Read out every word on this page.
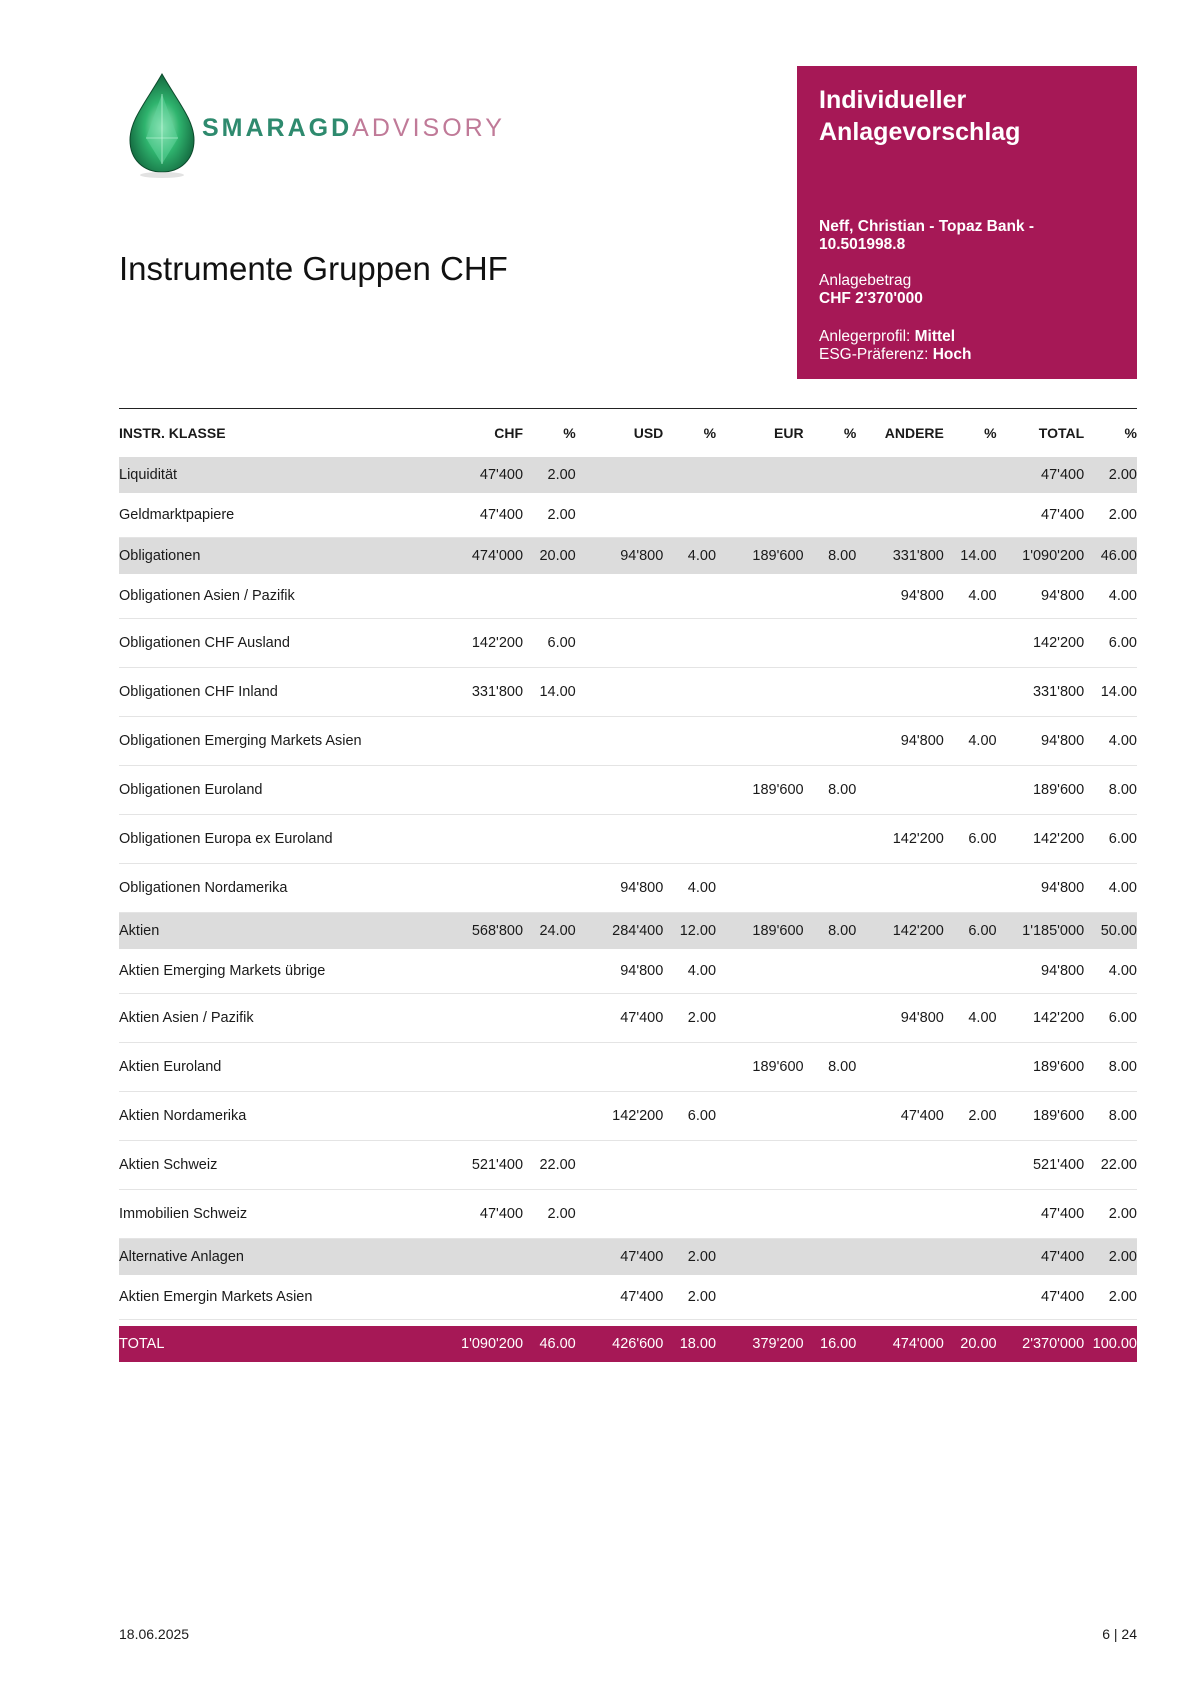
SMARAGDADVISORY
Individueller
Anlagevorschlag
Neff, Christian - Topaz Bank -
10.501998.8
Anlagebetrag
CHF 2'370'000
Anlegerprofil: Mittel
ESG-Präferenz: Hoch
Instrumente Gruppen CHF
INSTR. KLASSE	CHF	%	USD	%	EUR	%	ANDERE	%	TOTAL	%
Liquidität	47'400	2.00							47'400	2.00
Geldmarktpapiere	47'400	2.00							47'400	2.00
Obligationen	474'000	20.00	94'800	4.00	189'600	8.00	331'800	14.00	1'090'200	46.00
Obligationen Asien / Pazifik							94'800	4.00	94'800	4.00
Obligationen CHF Ausland	142'200	6.00							142'200	6.00
Obligationen CHF Inland	331'800	14.00							331'800	14.00
Obligationen Emerging Markets Asien							94'800	4.00	94'800	4.00
Obligationen Euroland					189'600	8.00			189'600	8.00
Obligationen Europa ex Euroland							142'200	6.00	142'200	6.00
Obligationen Nordamerika			94'800	4.00					94'800	4.00
Aktien	568'800	24.00	284'400	12.00	189'600	8.00	142'200	6.00	1'185'000	50.00
Aktien Emerging Markets übrige			94'800	4.00					94'800	4.00
Aktien Asien / Pazifik			47'400	2.00			94'800	4.00	142'200	6.00
Aktien Euroland					189'600	8.00			189'600	8.00
Aktien Nordamerika			142'200	6.00			47'400	2.00	189'600	8.00
Aktien Schweiz	521'400	22.00							521'400	22.00
Immobilien Schweiz	47'400	2.00							47'400	2.00
Alternative Anlagen			47'400	2.00					47'400	2.00
Aktien Emergin Markets Asien			47'400	2.00					47'400	2.00

TOTAL	1'090'200	46.00	426'600	18.00	379'200	16.00	474'000	20.00	2'370'000	100.00
18.06.2025	6 | 24
